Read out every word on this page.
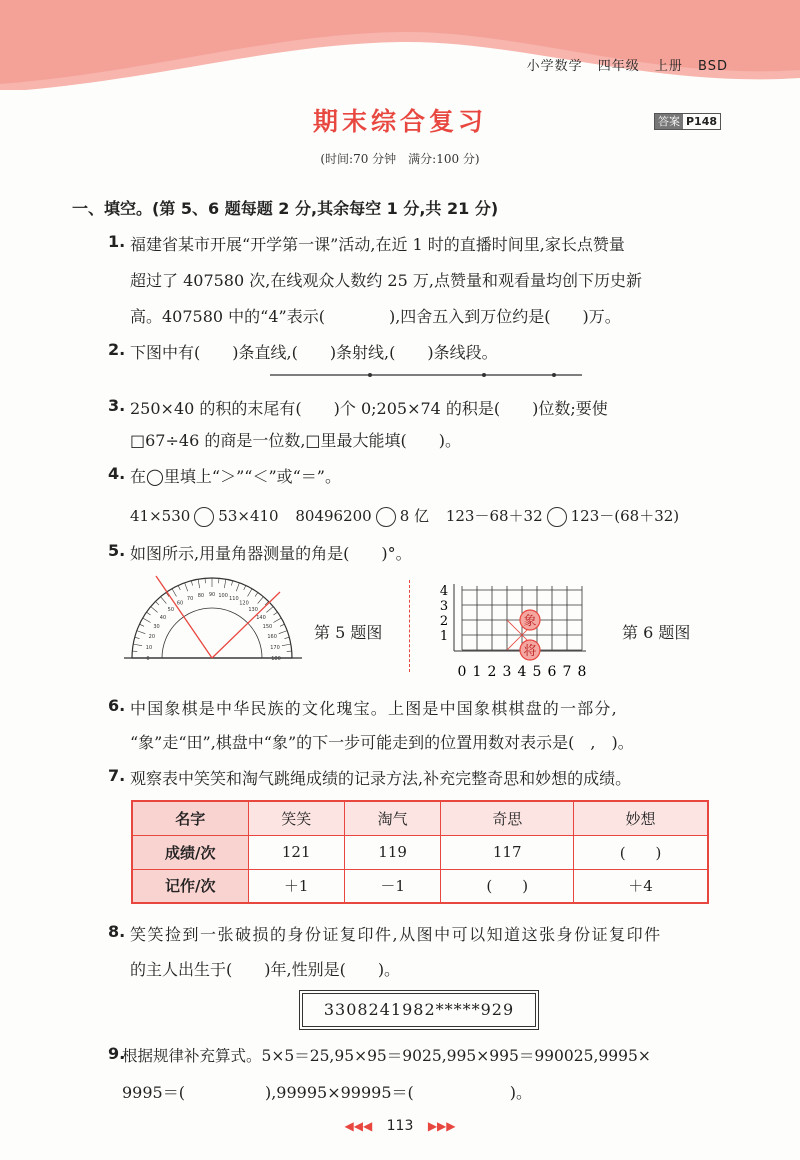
小学数学 四年级 上册 BSD
期末综合复习	答案 P148
(时间:70 分钟　满分:100 分)
一、填空。(第 5、6 题每题 2 分,其余每空 1 分,共 21 分)
1. 福建省某市开展“开学第一课”活动,在近 1 时的直播时间里,家长点赞量
超过了 407580 次,在线观众人数约 25 万,点赞量和观看量均创下历史新
高。407580 中的“4”表示(　　　　),四舍五入到万位约是(　　)万。
2. 下图中有(　　)条直线,(　　)条射线,(　　)条线段。
3. 250×40 的积的末尾有(　　)个 0;205×74 的积是(　　)位数;要使
□67÷46 的商是一位数,□里最大能填(　　)。
4. 在◯里填上“＞”“＜”或“＝”。
41×530 53×410 80496200 8 亿 123－68＋32 123－(68＋32)
5. 如图所示,用量角器测量的角是(　　)°。
0
10
20
30
40
50
60
70 80 90 100 110
120
130
140
150
160
170
180
第 5 题图
0 1 2 3 4 5 6 7 8
1
2
3
4
象
将
第 6 题图
6. 中国象棋是中华民族的文化瑰宝。上图是中国象棋棋盘的一部分,
“象”走“田”,棋盘中“象”的下一步可能走到的位置用数对表示是(　,　)。
7. 观察表中笑笑和淘气跳绳成绩的记录方法,补充完整奇思和妙想的成绩。
名字	笑笑	淘气	奇思	妙想
成绩/次	121	119	117	(　　)
记作/次	＋1	－1	(　　)	＋4
8. 笑笑捡到一张破损的身份证复印件,从图中可以知道这张身份证复印件
的主人出生于(　　)年,性别是(　　)。
3308241982*****929
9.
根据规律补充算式。5×5＝25,95×95＝9025,995×995＝990025,9995×
9995＝(　　　　　),99995×99995＝(　　　　　　)。
◀◀◀ 113 ▶▶▶
